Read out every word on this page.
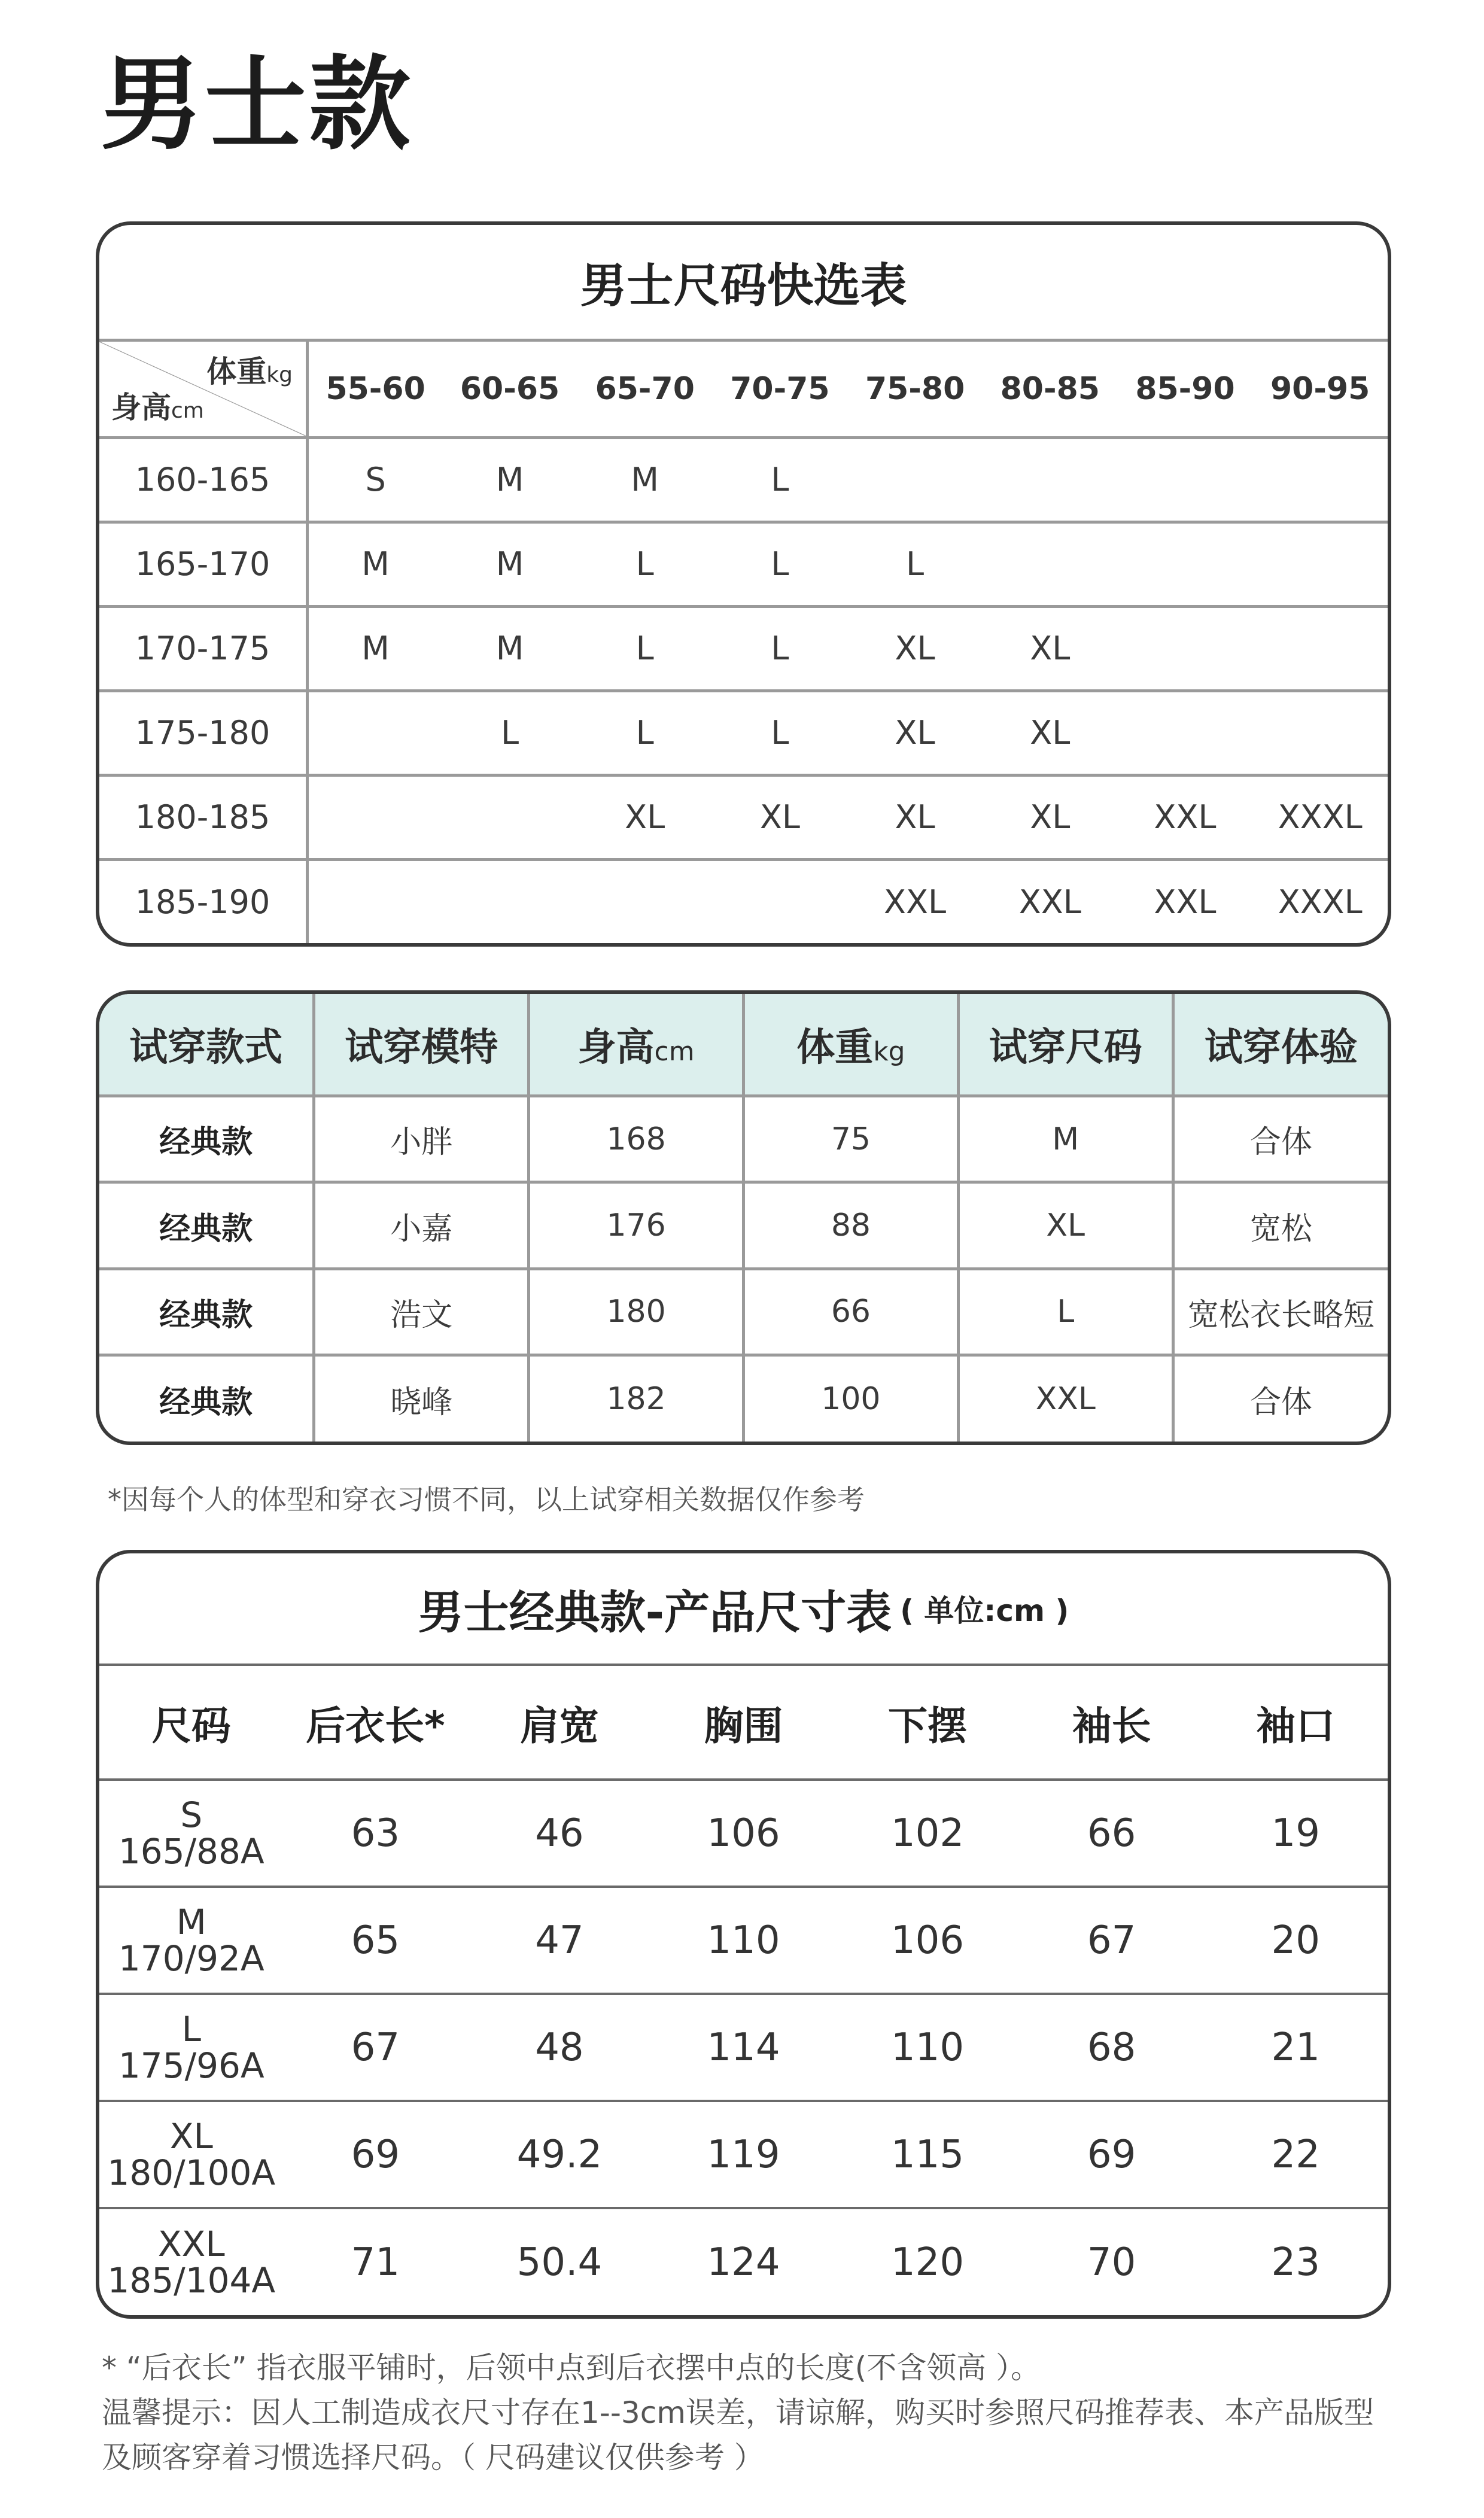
男士款
男士尺码快选表
体重kg
身高cm	55-60	60-65	65-70	70-75	75-80	80-85	85-90	90-95
160-165	S	M	M	L				
165-170	M	M	L	L	L			
170-175	M	M	L	L	XL	XL		
175-180		L	L	L	XL	XL		
180-185			XL	XL	XL	XL	XXL	XXXL
185-190					XXL	XXL	XXL	XXXL
试穿款式	试穿模特	身高cm	体重kg	试穿尺码	试穿体验
经典款	小胖	168	75	M	合体
经典款	小嘉	176	88	XL	宽松
经典款	浩文	180	66	L	宽松衣长略短
经典款	晓峰	182	100	XXL	合体
*因每个人的体型和穿衣习惯不同，以上试穿相关数据仅作参考
男士经典款-产品尺寸表 ( 单位:cm )
尺码	后衣长*	肩宽	胸围	下摆	袖长	袖口

S
165/88A	63	46	106	102	66	19

M
170/92A	65	47	110	106	67	20

L
175/96A	67	48	114	110	68	21

XL
180/100A	69	49.2	119	115	69	22

XXL
185/104A	71	50.4	124	120	70	23
* “后衣长” 指衣服平铺时，后领中点到后衣摆中点的长度(不含领高 ）。
温馨提示：因人工制造成衣尺寸存在1--3cm误差，请谅解，购买时参照尺码推荐表、本产品版型
及顾客穿着习惯选择尺码。（ 尺码建议仅供参考 ）
